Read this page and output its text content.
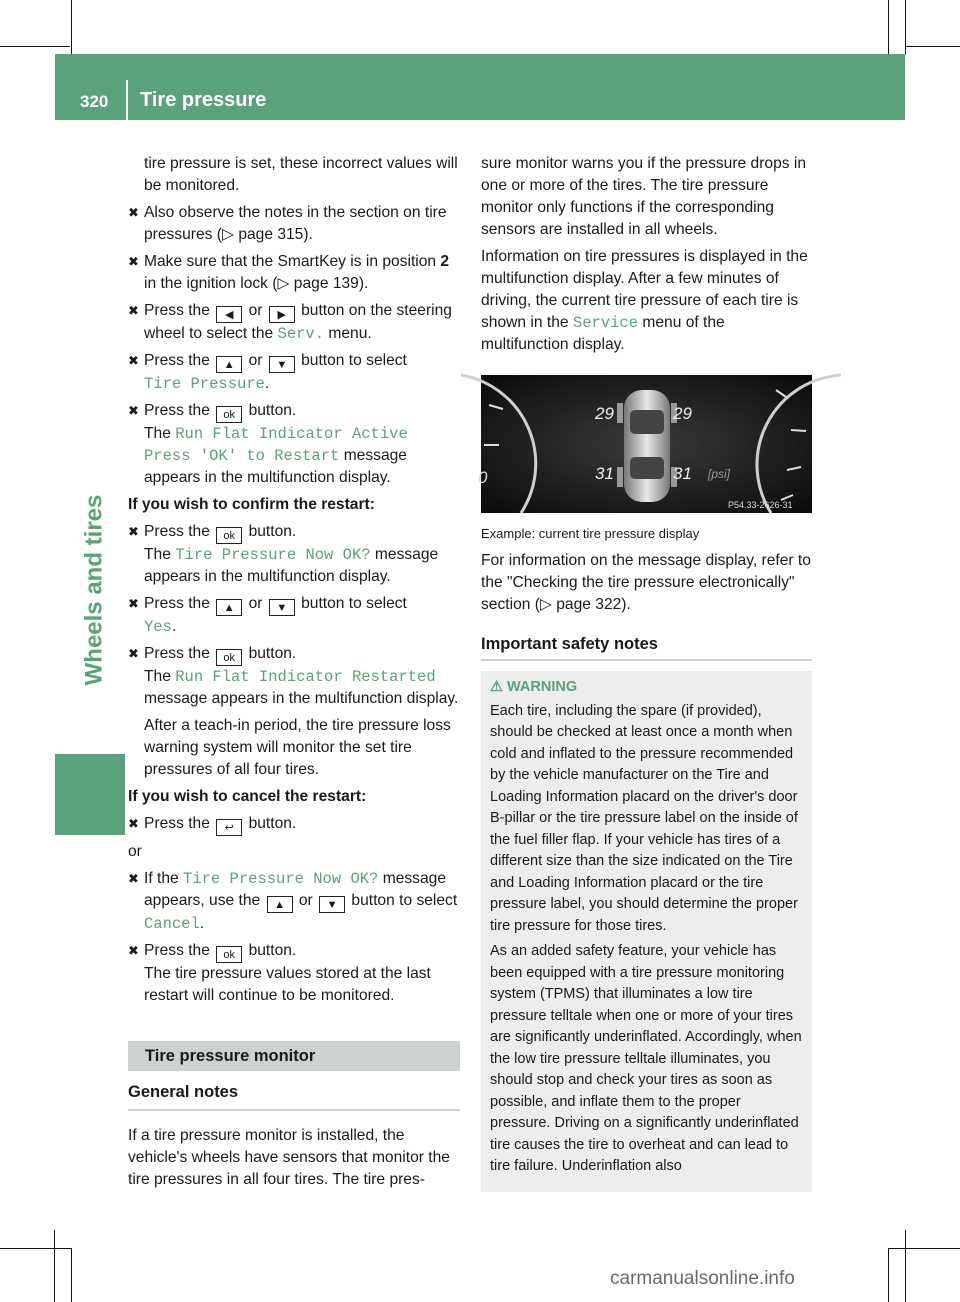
320 Tire pressure
Wheels and tires

tire pressure is set, these incorrect values will be monitored.

✖ Also observe the notes in the section on tire pressures (▷ page 315).
✖ Make sure that the SmartKey is in position 2 in the ignition lock (▷ page 139).
✖ Press the ◀ or ▶ button on the steering wheel to select the Serv. menu.
✖ Press the ▲ or ▼ button to select
Tire Pressure.
✖ Press the ok button.
The Run Flat Indicator Active
Press 'OK' to Restart message appears in the multifunction display.
If you wish to confirm the restart:
✖ Press the ok button.
The Tire Pressure Now OK? message appears in the multifunction display.
✖ Press the ▲ or ▼ button to select
Yes.
✖ Press the ok button.
The Run Flat Indicator Restarted message appears in the multifunction display.
After a teach-in period, the tire pressure loss warning system will monitor the set tire pressures of all four tires.
If you wish to cancel the restart:
✖ Press the ↩ button.

or

✖ If the Tire Pressure Now OK? message appears, use the ▲ or ▼ button to select Cancel.
✖ Press the ok button.
The tire pressure values stored at the last restart will continue to be monitored.
Tire pressure monitor
General notes

If a tire pressure monitor is installed, the vehicle's wheels have sensors that monitor the tire pressures in all four tires. The tire pres-

sure monitor warns you if the pressure drops in one or more of the tires. The tire pressure monitor only functions if the corresponding sensors are installed in all wheels.

Information on tire pressures is displayed in the multifunction display. After a few minutes of driving, the current tire pressure of each tire is shown in the Service menu of the multifunction display.

29	29
31	31 [psi]
0
P54.33-2626-31

Example: current tire pressure display

For information on the message display, refer to the "Checking the tire pressure electronically" section (▷ page 322).

Important safety notes
⚠ WARNING

Each tire, including the spare (if provided), should be checked at least once a month when cold and inflated to the pressure recommended by the vehicle manufacturer on the Tire and Loading Information placard on the driver's door B-pillar or the tire pressure label on the inside of the fuel filler flap. If your vehicle has tires of a different size than the size indicated on the Tire and Loading Information placard or the tire pressure label, you should determine the proper tire pressure for those tires.

As an added safety feature, your vehicle has been equipped with a tire pressure monitoring system (TPMS) that illuminates a low tire pressure telltale when one or more of your tires are significantly underinflated. Accordingly, when the low tire pressure telltale illuminates, you should stop and check your tires as soon as possible, and inflate them to the proper pressure. Driving on a significantly underinflated tire causes the tire to overheat and can lead to tire failure. Underinflation also

carmanualsonline.info
